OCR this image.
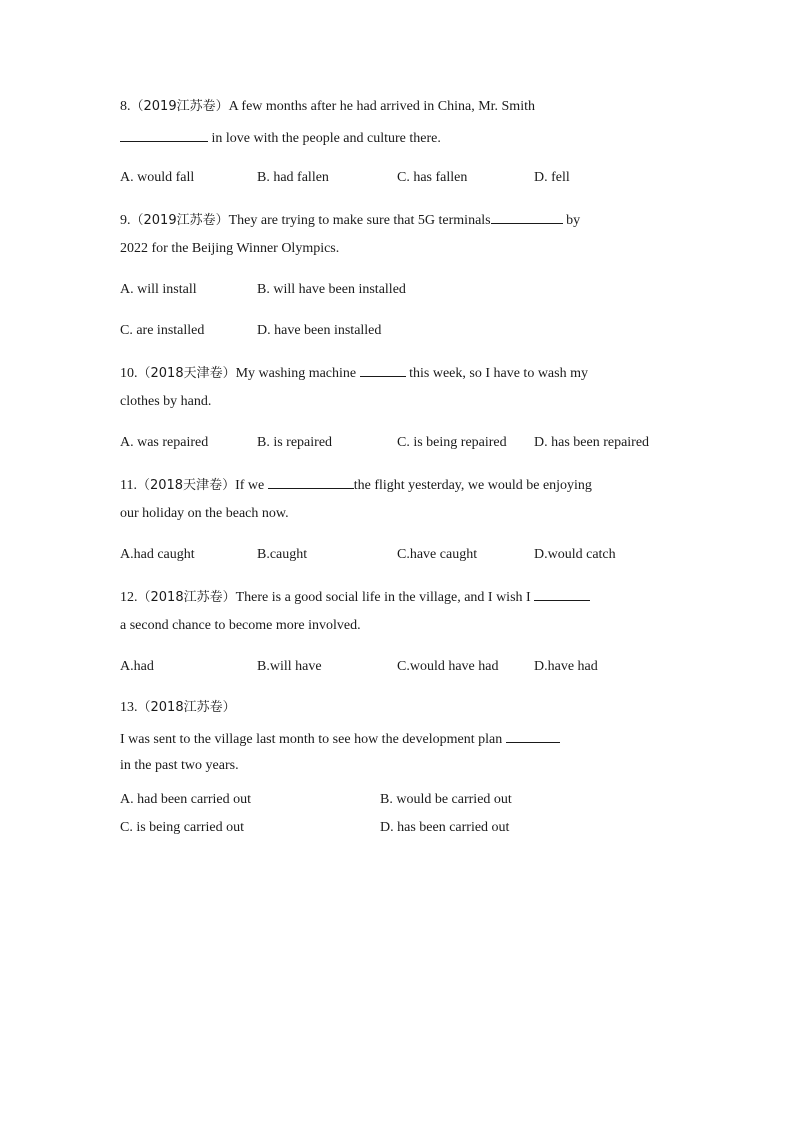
8.（2019江苏卷）A few months after he had arrived in China, Mr. Smith
in love with the people and culture there.
A. would fall	B. had fallen	C. has fallen	D. fell
9.（2019江苏卷）They are trying to make sure that 5G terminals	by
2022 for the Beijing Winner Olympics.
A. will install	B. will have been installed
C. are installed	D. have been installed
10.（2018天津卷）My washing machine	this week, so I have to wash my
clothes by hand.
A. was repaired	B. is repaired	C. is being repaired D. has been repaired
11.（2018天津卷）If we	the flight yesterday, we would be enjoying
our holiday on the beach now.
A.had caught	B.caught	C.have caught	D.would catch
12.（2018江苏卷）There is a good social life in the village, and I wish I
a second chance to become more involved.
A.had	B.will have	C.would have had	D.have had
13.（2018江苏卷）
I was sent to the village last month to see how the development plan
in the past two years.
A. had been carried out	B. would be carried out
C. is being carried out	D. has been carried out
